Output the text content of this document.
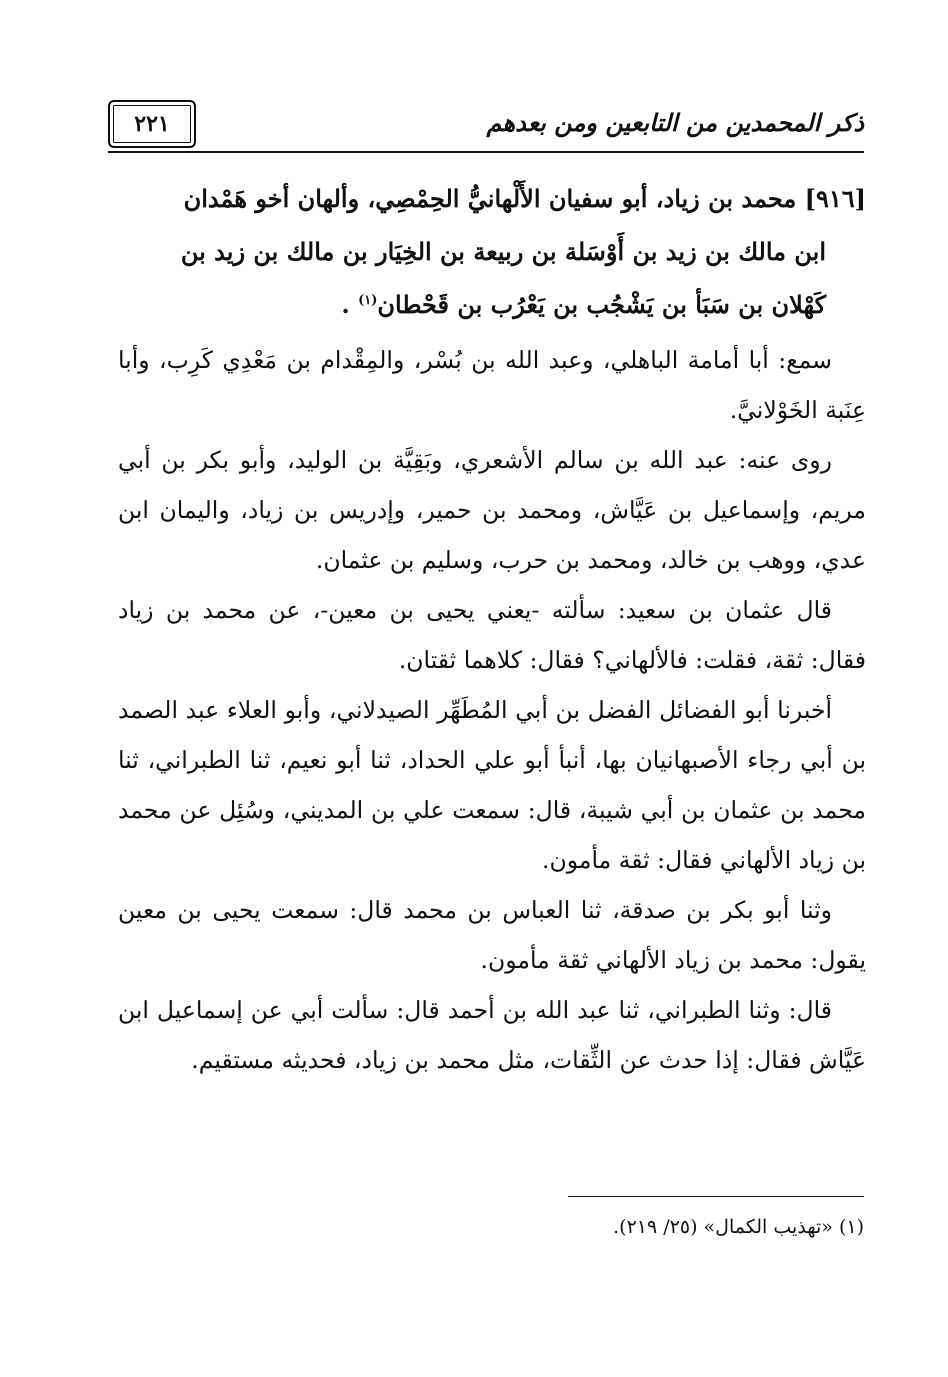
ذكر المحمدين من التابعين ومن بعدهم
٢٢١

[٩١٦] محمد بن زياد، أبو سفيان الأَلْهانيُّ الحِمْصِي، وألهان أخو هَمْدان
ابن مالك بن زيد بن أَوْسَلة بن ربيعة بن الخِيَار بن مالك بن زيد بن
كَهْلان بن سَبَأ بن يَشْجُب بن يَعْرُب بن قَحْطان$^{(١)}$ .

سمع: أبا أمامة الباهلي، وعبد الله بن بُسْر، والمِقْدام بن مَعْدِي كَرِب، وأبا عِنَبة الخَوْلانيَّ.

روى عنه: عبد الله بن سالم الأشعري، وبَقِيَّة بن الوليد، وأبو بكر بن أبي مريم، وإسماعيل بن عَيَّاش، ومحمد بن حمير، وإدريس بن زياد، واليمان ابن عدي، ووهب بن خالد، ومحمد بن حرب، وسليم بن عثمان.

قال عثمان بن سعيد: سألته -يعني يحيى بن معين-، عن محمد بن زياد فقال: ثقة، فقلت: فالألهاني؟ فقال: كلاهما ثقتان.

أخبرنا أبو الفضائل الفضل بن أبي المُطَهِّر الصيدلاني، وأبو العلاء عبد الصمد بن أبي رجاء الأصبهانيان بها، أنبأ أبو علي الحداد، ثنا أبو نعيم، ثنا الطبراني، ثنا محمد بن عثمان بن أبي شيبة، قال: سمعت علي بن المديني، وسُئِل عن محمد بن زياد الألهاني فقال: ثقة مأمون.

وثنا أبو بكر بن صدقة، ثنا العباس بن محمد قال: سمعت يحيى بن معين يقول: محمد بن زياد الألهاني ثقة مأمون.

قال: وثنا الطبراني، ثنا عبد الله بن أحمد قال: سألت أبي عن إسماعيل ابن عَيَّاش فقال: إذا حدث عن الثِّقات، مثل محمد بن زياد، فحديثه مستقيم.

(١) «تهذيب الكمال» (٢٥/ ٢١٩).
